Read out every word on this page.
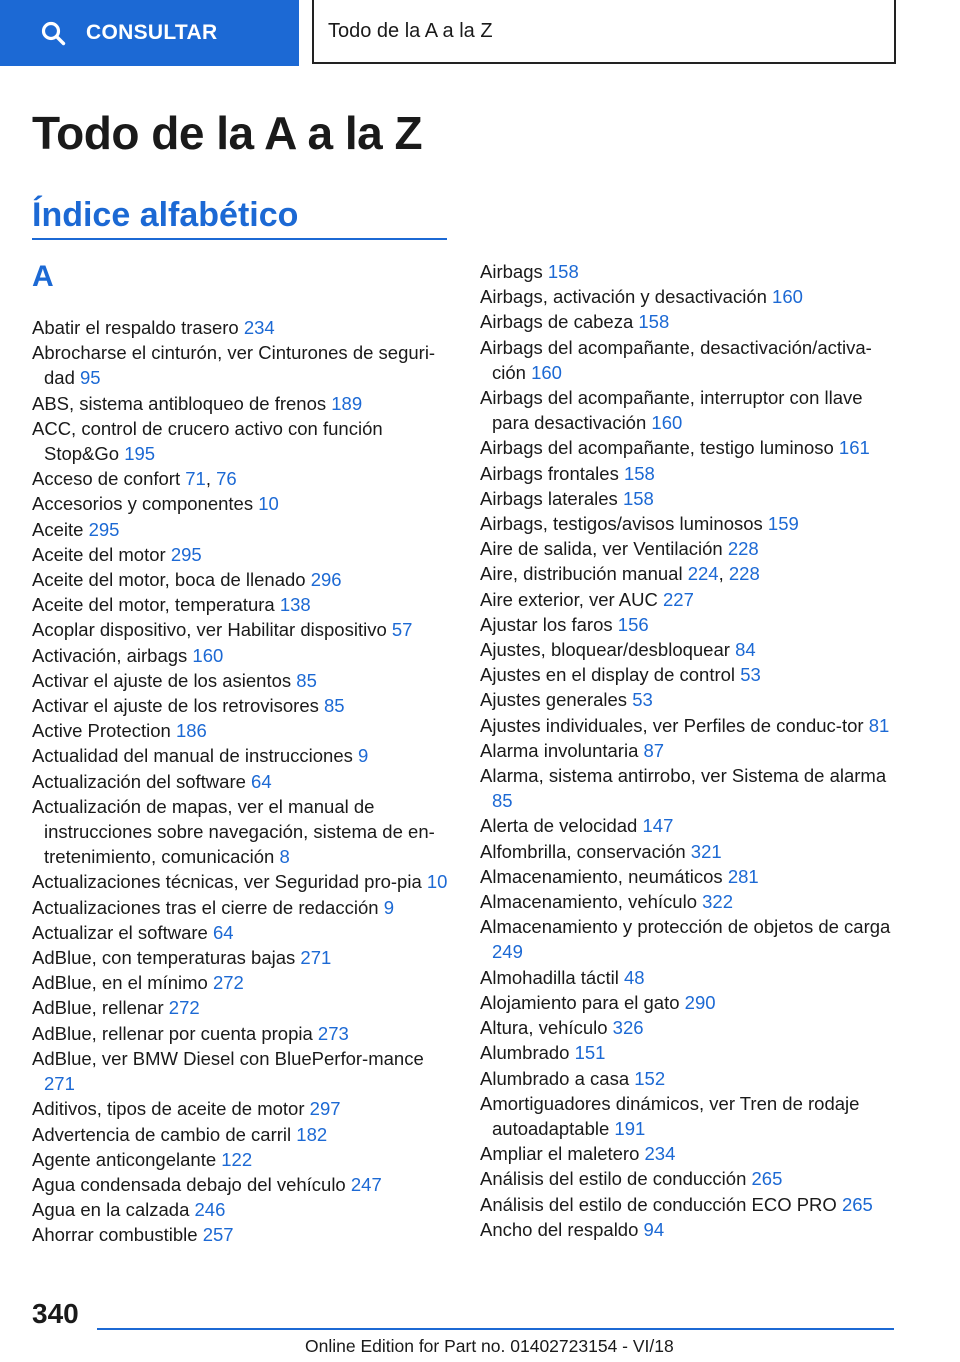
CONSULTAR	Todo de la A a la Z
Todo de la A a la Z
Índice alfabético
A
Abatir el respaldo trasero 234
Abrocharse el cinturón, ver Cinturones de seguri-dad 95
ABS, sistema antibloqueo de frenos 189
ACC, control de crucero activo con función Stop&Go 195
Acceso de confort 71, 76
Accesorios y componentes 10
Aceite 295
Aceite del motor 295
Aceite del motor, boca de llenado 296
Aceite del motor, temperatura 138
Acoplar dispositivo, ver Habilitar dispositivo 57
Activación, airbags 160
Activar el ajuste de los asientos 85
Activar el ajuste de los retrovisores 85
Active Protection 186
Actualidad del manual de instrucciones 9
Actualización del software 64
Actualización de mapas, ver el manual de instrucciones sobre navegación, sistema de en-tretenimiento, comunicación 8
Actualizaciones técnicas, ver Seguridad pro-pia 10
Actualizaciones tras el cierre de redacción 9
Actualizar el software 64
AdBlue, con temperaturas bajas 271
AdBlue, en el mínimo 272
AdBlue, rellenar 272
AdBlue, rellenar por cuenta propia 273
AdBlue, ver BMW Diesel con BluePerfor-mance 271
Aditivos, tipos de aceite de motor 297
Advertencia de cambio de carril 182
Agente anticongelante 122
Agua condensada debajo del vehículo 247
Agua en la calzada 246
Ahorrar combustible 257
Airbags 158
Airbags, activación y desactivación 160
Airbags de cabeza 158
Airbags del acompañante, desactivación/activa-ción 160
Airbags del acompañante, interruptor con llave para desactivación 160
Airbags del acompañante, testigo luminoso 161
Airbags frontales 158
Airbags laterales 158
Airbags, testigos/avisos luminosos 159
Aire de salida, ver Ventilación 228
Aire, distribución manual 224, 228
Aire exterior, ver AUC 227
Ajustar los faros 156
Ajustes, bloquear/desbloquear 84
Ajustes en el display de control 53
Ajustes generales 53
Ajustes individuales, ver Perfiles de conduc-tor 81
Alarma involuntaria 87
Alarma, sistema antirrobo, ver Sistema de alarma 85
Alerta de velocidad 147
Alfombrilla, conservación 321
Almacenamiento, neumáticos 281
Almacenamiento, vehículo 322
Almacenamiento y protección de objetos de carga 249
Almohadilla táctil 48
Alojamiento para el gato 290
Altura, vehículo 326
Alumbrado 151
Alumbrado a casa 152
Amortiguadores dinámicos, ver Tren de rodaje autoadaptable 191
Ampliar el maletero 234
Análisis del estilo de conducción 265
Análisis del estilo de conducción ECO PRO 265
Ancho del respaldo 94
340
Online Edition for Part no. 01402723154 - VI/18
